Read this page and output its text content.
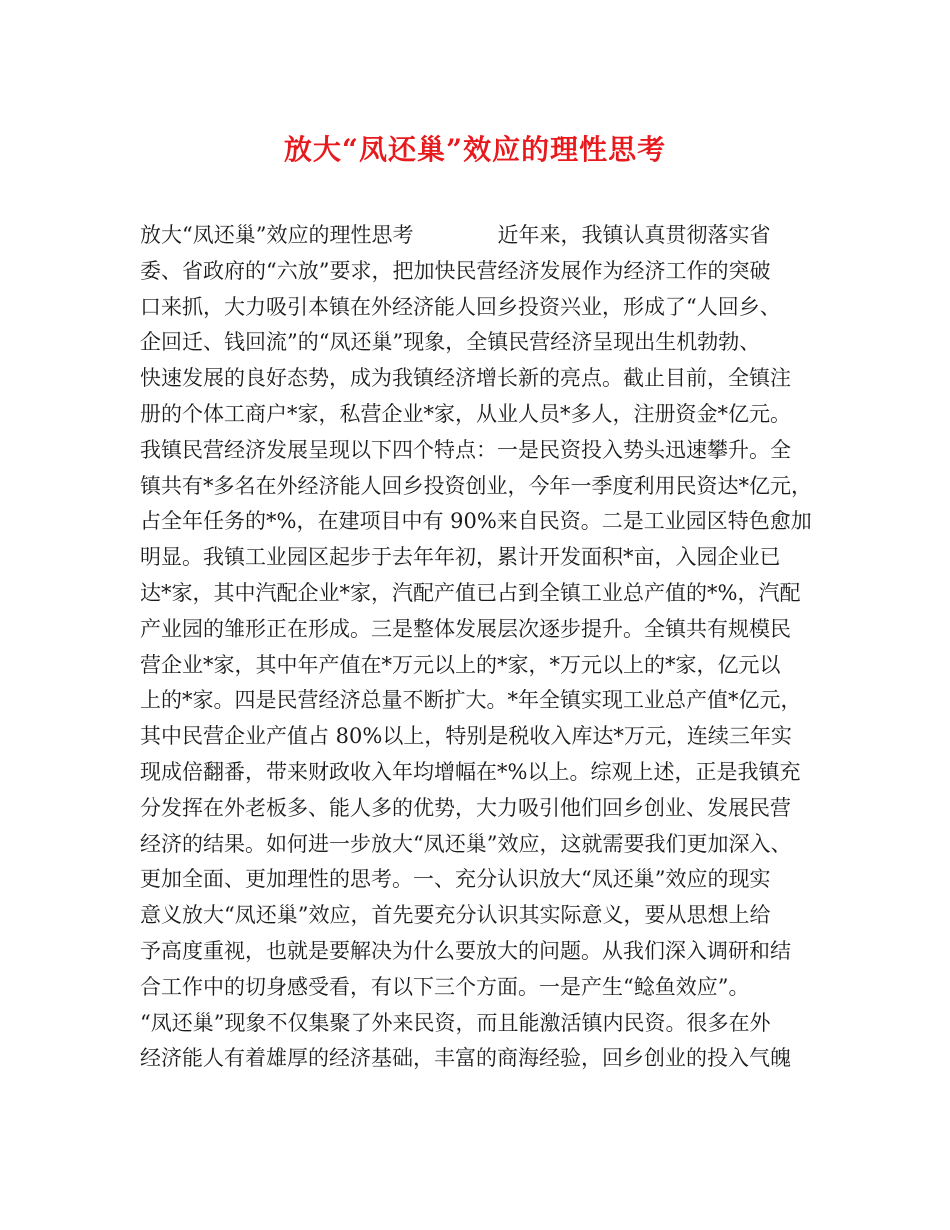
放大“凤还巢”效应的理性思考
放大“凤还巢”效应的理性思考　　　　近年来，我镇认真贯彻落实省
委、省政府的“六放”要求，把加快民营经济发展作为经济工作的突破
口来抓，大力吸引本镇在外经济能人回乡投资兴业，形成了“人回乡、
企回迁、钱回流”的“凤还巢”现象，全镇民营经济呈现出生机勃勃、
快速发展的良好态势，成为我镇经济增长新的亮点。截止目前，全镇注
册的个体工商户*家，私营企业*家，从业人员*多人，注册资金*亿元。
我镇民营经济发展呈现以下四个特点：一是民资投入势头迅速攀升。全
镇共有*多名在外经济能人回乡投资创业，今年一季度利用民资达*亿元，
占全年任务的*%，在建项目中有 90%来自民资。二是工业园区特色愈加
明显。我镇工业园区起步于去年年初，累计开发面积*亩，入园企业已
达*家，其中汽配企业*家，汽配产值已占到全镇工业总产值的*%，汽配
产业园的雏形正在形成。三是整体发展层次逐步提升。全镇共有规模民
营企业*家，其中年产值在*万元以上的*家，*万元以上的*家，亿元以
上的*家。四是民营经济总量不断扩大。*年全镇实现工业总产值*亿元，
其中民营企业产值占 80%以上，特别是税收入库达*万元，连续三年实
现成倍翻番，带来财政收入年均增幅在*%以上。综观上述，正是我镇充
分发挥在外老板多、能人多的优势，大力吸引他们回乡创业、发展民营
经济的结果。如何进一步放大“凤还巢”效应，这就需要我们更加深入、
更加全面、更加理性的思考。一、充分认识放大“凤还巢”效应的现实
意义放大“凤还巢”效应，首先要充分认识其实际意义，要从思想上给
予高度重视，也就是要解决为什么要放大的问题。从我们深入调研和结
合工作中的切身感受看，有以下三个方面。一是产生“鲶鱼效应”。
“凤还巢”现象不仅集聚了外来民资，而且能激活镇内民资。很多在外
经济能人有着雄厚的经济基础，丰富的商海经验，回乡创业的投入气魄
